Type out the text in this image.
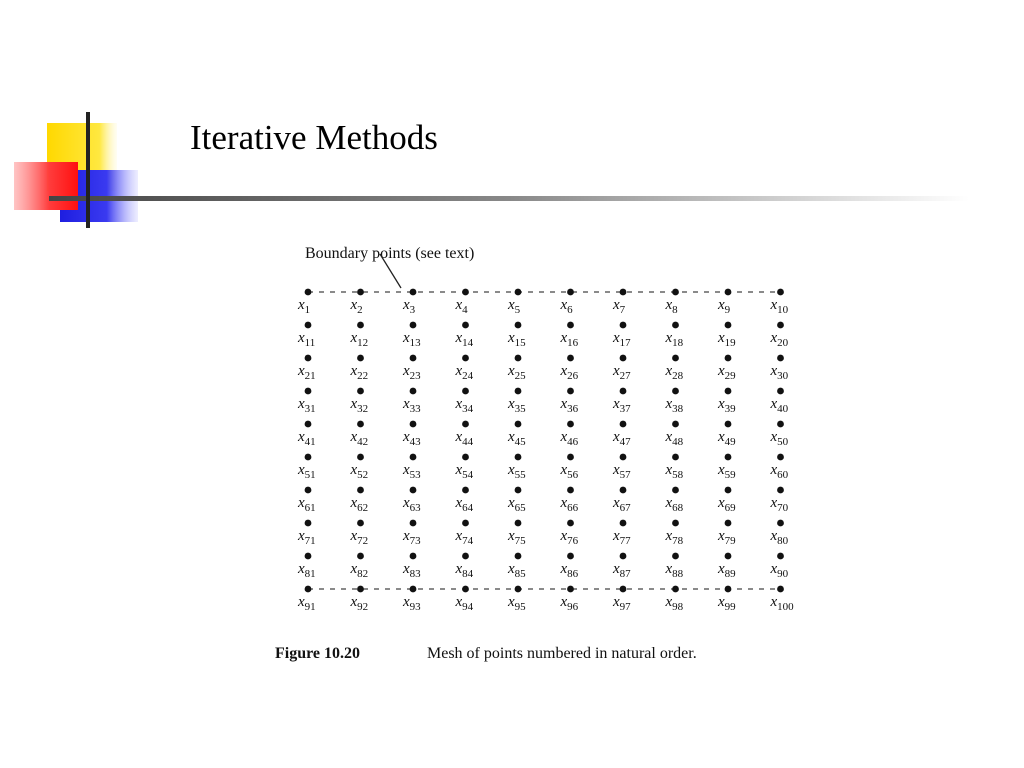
Iterative Methods
Boundary points (see text)
$x_1$	$x_2$	$x_3$	$x_4$	$x_5$	$x_6$	$x_7$	$x_8$	$x_9$	$x_{10}$
$x_{11}$ $x_{12}$ $x_{13}$ $x_{14}$ $x_{15}$ $x_{16}$ $x_{17}$ $x_{18}$ $x_{19}$ $x_{20}$
$x_{21}$ $x_{22}$ $x_{23}$ $x_{24}$ $x_{25}$ $x_{26}$ $x_{27}$ $x_{28}$ $x_{29}$ $x_{30}$
$x_{31}$ $x_{32}$ $x_{33}$ $x_{34}$ $x_{35}$ $x_{36}$ $x_{37}$ $x_{38}$ $x_{39}$ $x_{40}$
$x_{41}$ $x_{42}$ $x_{43}$ $x_{44}$ $x_{45}$ $x_{46}$ $x_{47}$ $x_{48}$ $x_{49}$ $x_{50}$
$x_{51}$ $x_{52}$ $x_{53}$ $x_{54}$ $x_{55}$ $x_{56}$ $x_{57}$ $x_{58}$ $x_{59}$ $x_{60}$
$x_{61}$ $x_{62}$ $x_{63}$ $x_{64}$ $x_{65}$ $x_{66}$ $x_{67}$ $x_{68}$ $x_{69}$ $x_{70}$
$x_{71}$ $x_{72}$ $x_{73}$ $x_{74}$ $x_{75}$ $x_{76}$ $x_{77}$ $x_{78}$ $x_{79}$ $x_{80}$
$x_{81}$ $x_{82}$ $x_{83}$ $x_{84}$ $x_{85}$ $x_{86}$ $x_{87}$ $x_{88}$ $x_{89}$ $x_{90}$
$x_{91}$ $x_{92}$ $x_{93}$ $x_{94}$ $x_{95}$ $x_{96}$ $x_{97}$ $x_{98}$ $x_{99}$ $x_{100}$
Figure 10.20	Mesh of points numbered in natural order.
